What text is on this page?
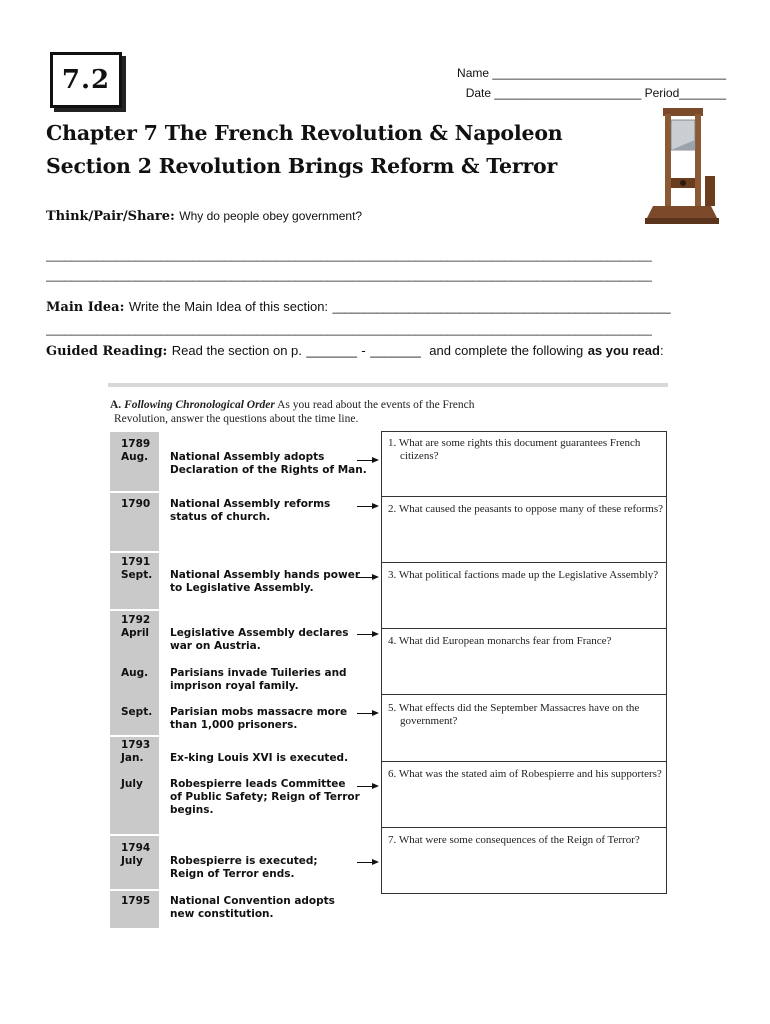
7.2	Name ___________________________________
Date ______________________ Period_______
Chapter 7 The French Revolution & Napoleon
Section 2 Revolution Brings Reform & Terror
Think/Pair/Share: Why do people obey government?
_______________________________________________________________________________________________
_______________________________________________________________________________________________
Main Idea: Write the Main Idea of this section: _____________________________________________________
_______________________________________________________________________________________________
Guided Reading: Read the section on p. _______ - _______ and complete the following as you read:
A. Following Chronological Order As you read about the events of the French
Revolution, answer the questions about the time line.
1789
Aug. National Assembly adopts Declaration of the Rights of Man.
1790 National Assembly reforms status of church.
1791
Sept. National Assembly hands power to Legislative Assembly.
1792
April Legislative Assembly declares war on Austria.
Aug. Parisians invade Tuileries and imprison royal family.
Sept. Parisian mobs massacre more than 1,000 prisoners.
1793
Jan.	Ex-king Louis XVI is executed.
July	Robespierre leads Committee of Public Safety; Reign of Terror begins.
1794
July	Robespierre is executed; Reign of Terror ends.
1795 National Convention adopts new constitution.
1. What are some rights this document guarantees French citizens?
2. What caused the peasants to oppose many of these reforms?
3. What political factions made up the Legislative Assembly?
4. What did European monarchs fear from France?
5. What effects did the September Massacres have on the government?
6. What was the stated aim of Robespierre and his supporters?
7. What were some consequences of the Reign of Terror?
